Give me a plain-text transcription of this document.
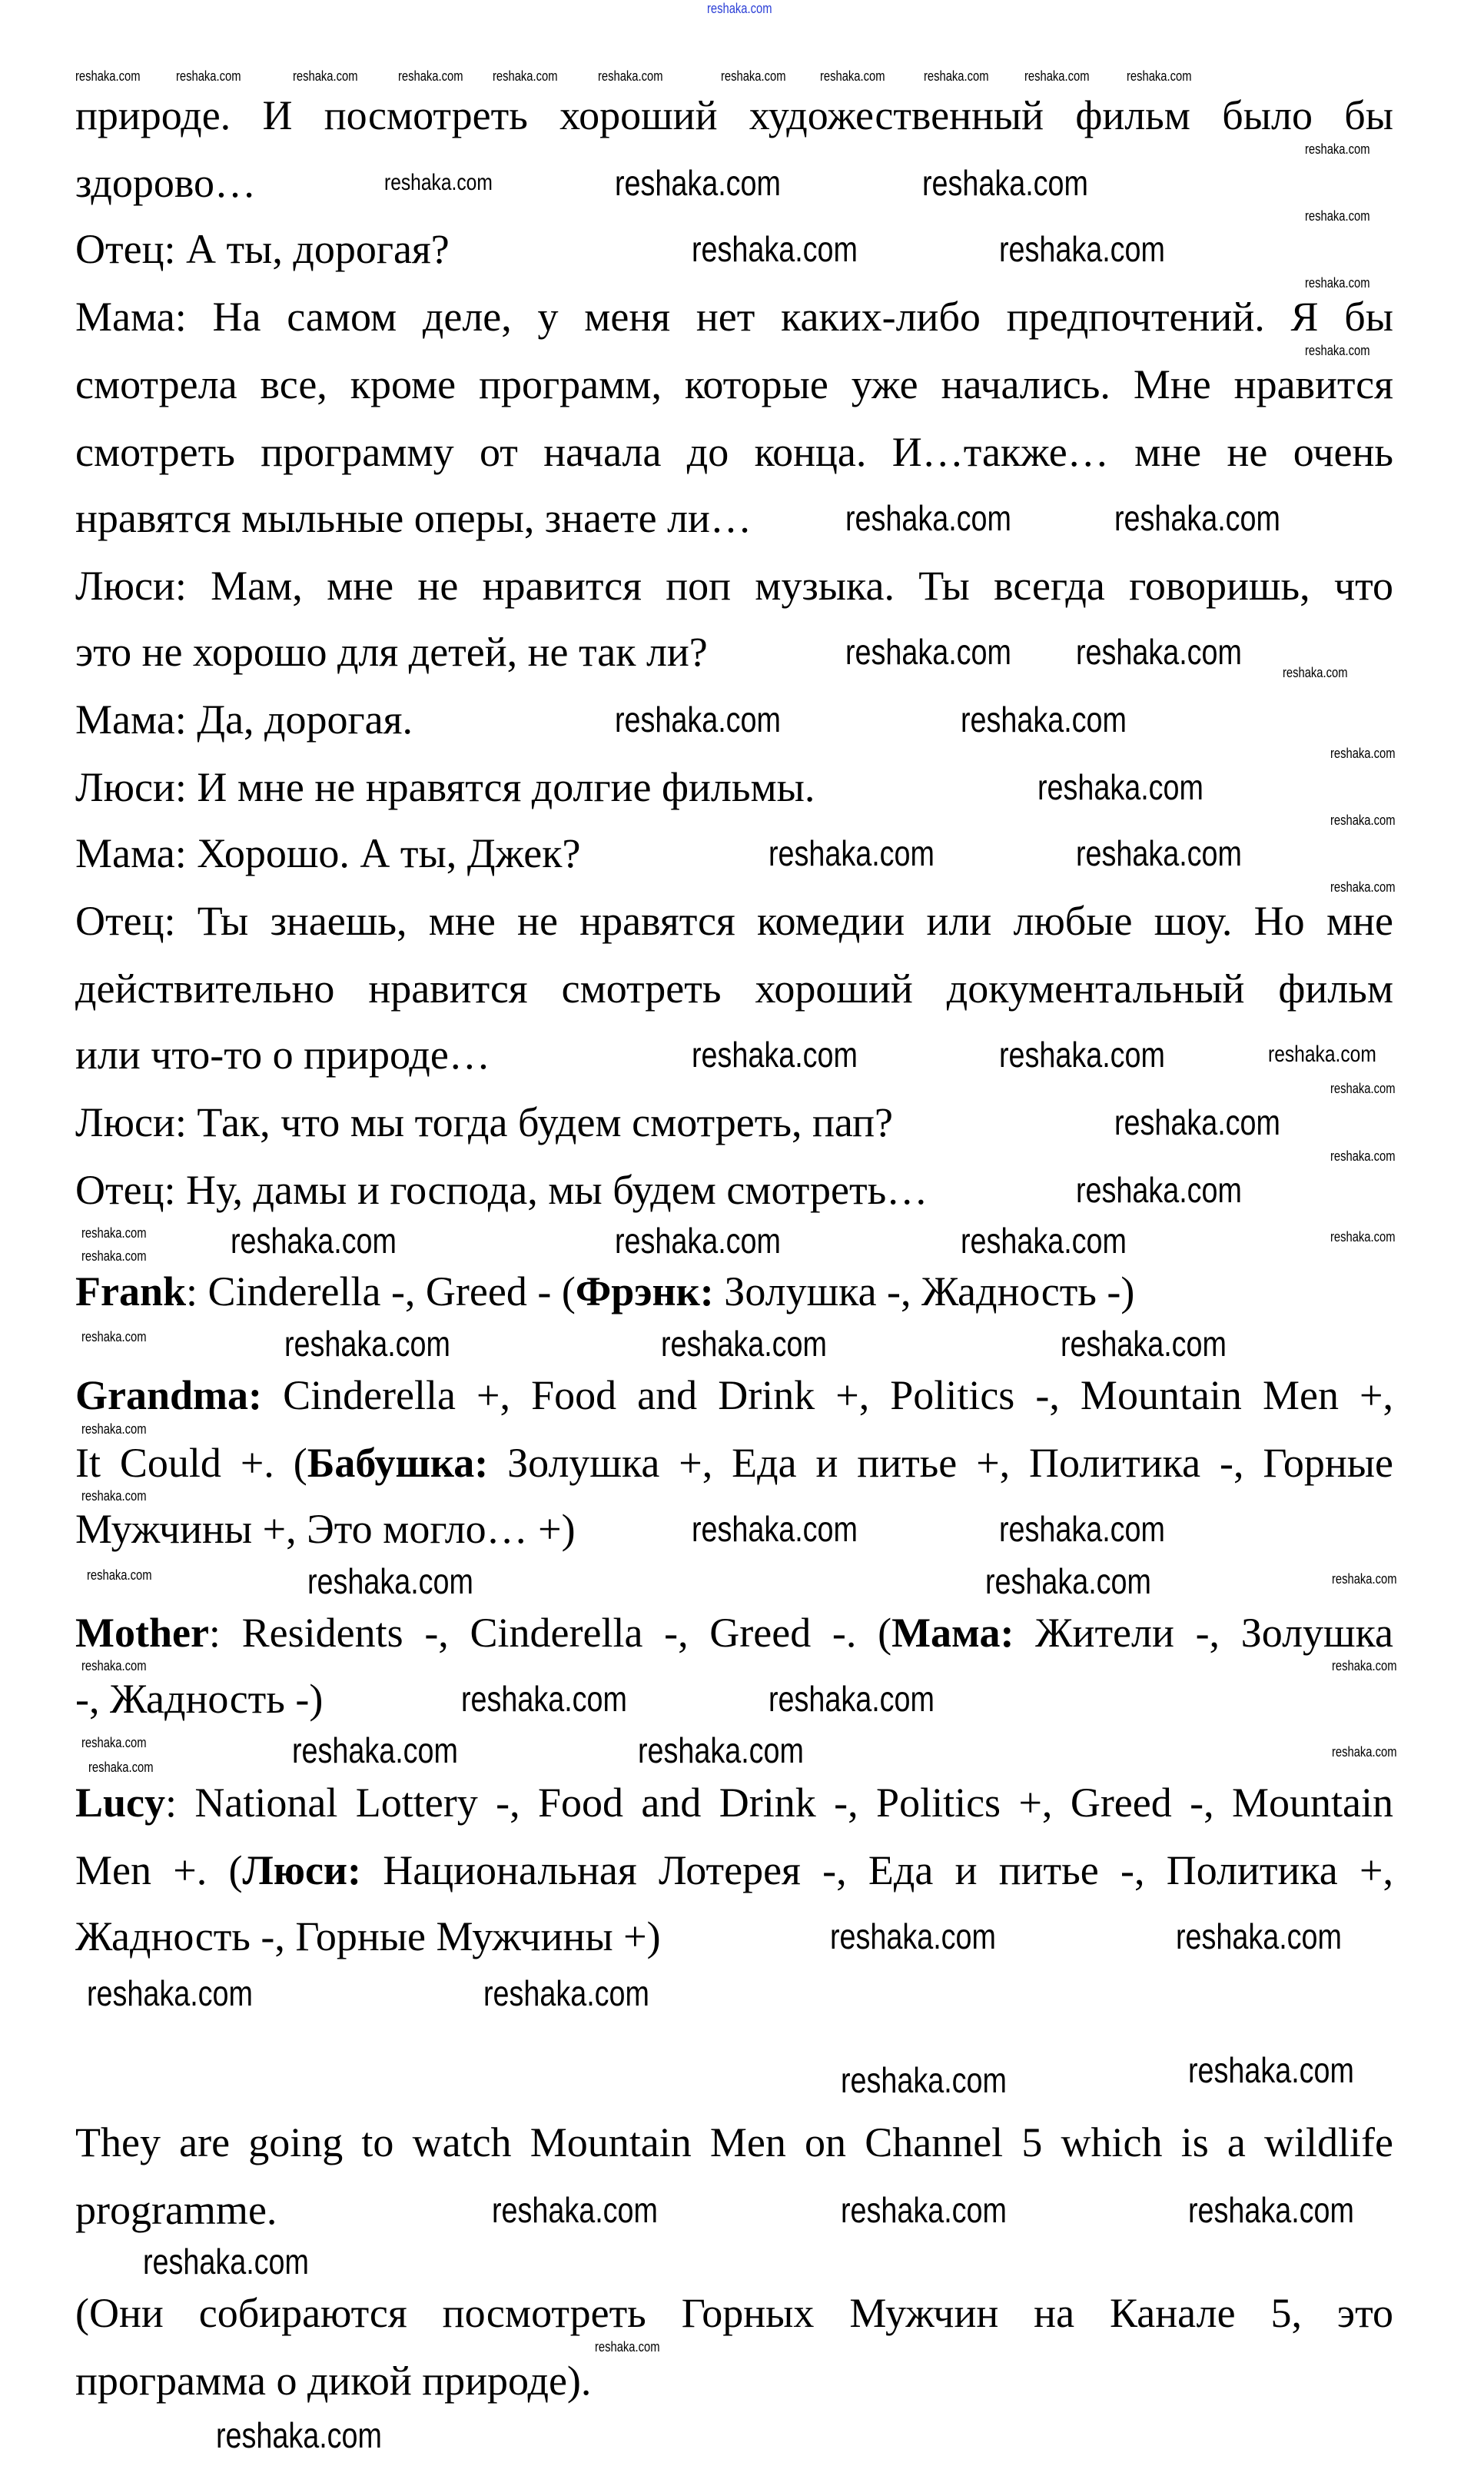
природе. И посмотреть хороший художественный фильм было бы
здорово…
Отец: А ты, дорогая?
Мама: На самом деле, у меня нет каких-либо предпочтений. Я бы
смотрела все, кроме программ, которые уже начались. Мне нравится
смотреть программу от начала до конца. И…также… мне не очень
нравятся мыльные оперы, знаете ли…
Люси: Мам, мне не нравится поп музыка. Ты всегда говоришь, что
это не хорошо для детей, не так ли?
Мама: Да, дорогая.
Люси: И мне не нравятся долгие фильмы.
Мама: Хорошо. А ты, Джек?
Отец: Ты знаешь, мне не нравятся комедии или любые шоу. Но мне
действительно нравится смотреть хороший документальный фильм
или что-то о природе…
Люси: Так, что мы тогда будем смотреть, пап?
Отец: Ну, дамы и господа, мы будем смотреть…
Frank: Cinderella -, Greed - (Фрэнк: Золушка -, Жадность -)
Grandma: Cinderella +, Food and Drink +, Politics -, Mountain Men +,
It Could +. (Бабушка: Золушка +, Еда и питье +, Политика -, Горные
Мужчины +, Это могло… +)
Mother: Residents -, Cinderella -, Greed -. (Мама: Жители -, Золушка
-, Жадность -)
Lucy: National Lottery -, Food and Drink -, Politics +, Greed -, Mountain
Men +. (Люси: Национальная Лотерея -, Еда и питье -, Политика +,
Жадность -, Горные Мужчины +)
They are going to watch Mountain Men on Channel 5 which is a wildlife
programme.
(Они собираются посмотреть Горных Мужчин на Канале 5, это
программа о дикой природе).
reshaka.com	reshaka.com	reshaka.com
reshaka.com	reshaka.com
reshaka.com	reshaka.com
reshaka.com reshaka.com
reshaka.com
reshaka.com	reshaka.com
reshaka.com
reshaka.com	reshaka.com
reshaka.com	reshaka.com	reshaka.com
reshaka.com
reshaka.com
reshaka.com	reshaka.com	reshaka.com
reshaka.com	reshaka.com	reshaka.com
reshaka.com	reshaka.com
reshaka.com	reshaka.com
reshaka.com	reshaka.com
reshaka.com	reshaka.com
reshaka.com	reshaka.com
reshaka.com	reshaka.com
reshaka.com	reshaka.com
reshaka.com	reshaka.com	reshaka.com
reshaka.com
reshaka.com
reshaka.com
reshaka.com
reshaka.com
reshaka.com
reshaka.com
reshaka.com
reshaka.com
reshaka.com
reshaka.com
reshaka.com
reshaka.com
reshaka.com
reshaka.com
reshaka.com
reshaka.com	reshaka.com	reshaka.com	reshaka.com reshaka.com	reshaka.com	reshaka.com reshaka.com	reshaka.com	reshaka.com	reshaka.com
reshaka.com
reshaka.com
reshaka.com
reshaka.com
reshaka.com
reshaka.com
reshaka.com
reshaka.com
reshaka.com
reshaka.com
